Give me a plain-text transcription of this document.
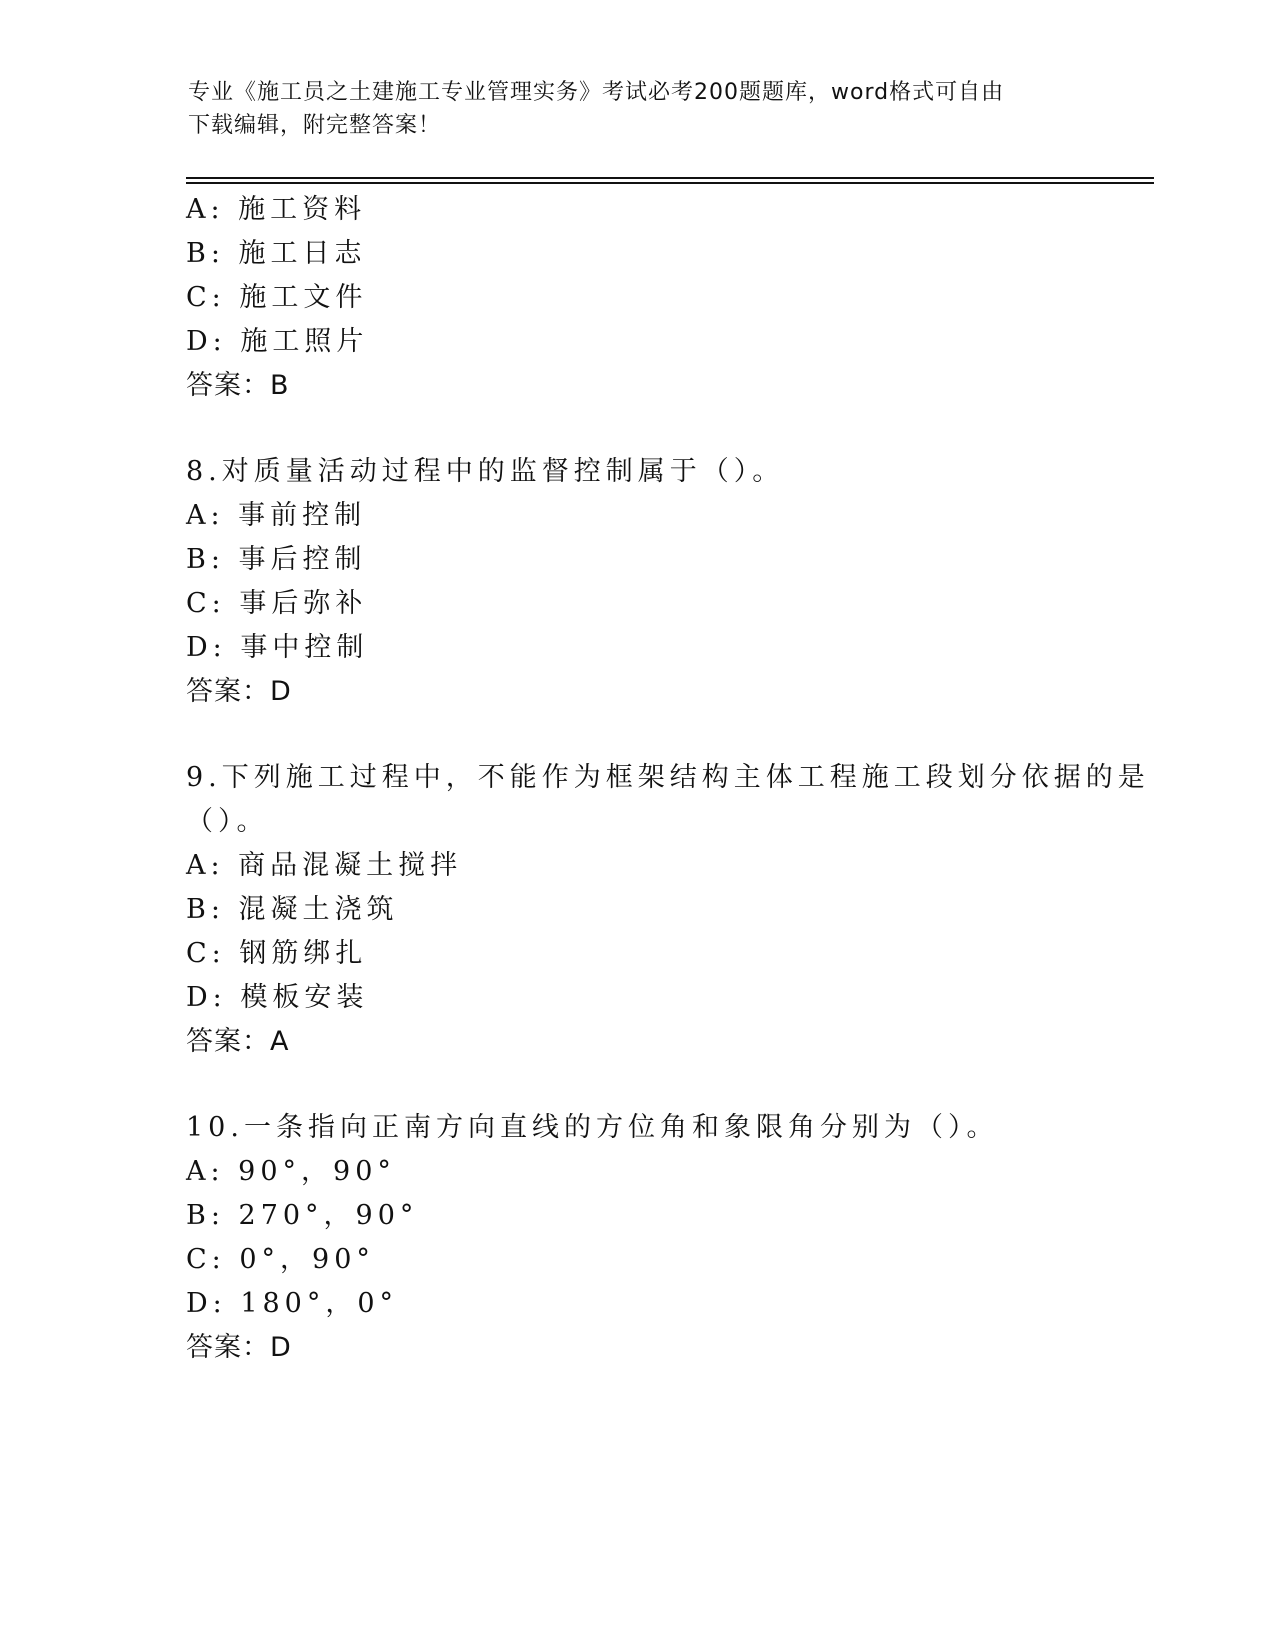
专业《施工员之土建施工专业管理实务》考试必考200题题库，word格式可自由
下载编辑，附完整答案！
A: 施工资料
B: 施工日志
C: 施工文件
D: 施工照片
答案：B
8.对质量活动过程中的监督控制属于（）。
A: 事前控制
B: 事后控制
C: 事后弥补
D: 事中控制
答案：D
9.下列施工过程中，不能作为框架结构主体工程施工段划分依据的是
（）。
A: 商品混凝土搅拌
B: 混凝土浇筑
C: 钢筋绑扎
D: 模板安装
答案：A
10.一条指向正南方向直线的方位角和象限角分别为（）。
A: 90°，90°
B: 270°，90°
C: 0°，90°
D: 180°，0°
答案：D
